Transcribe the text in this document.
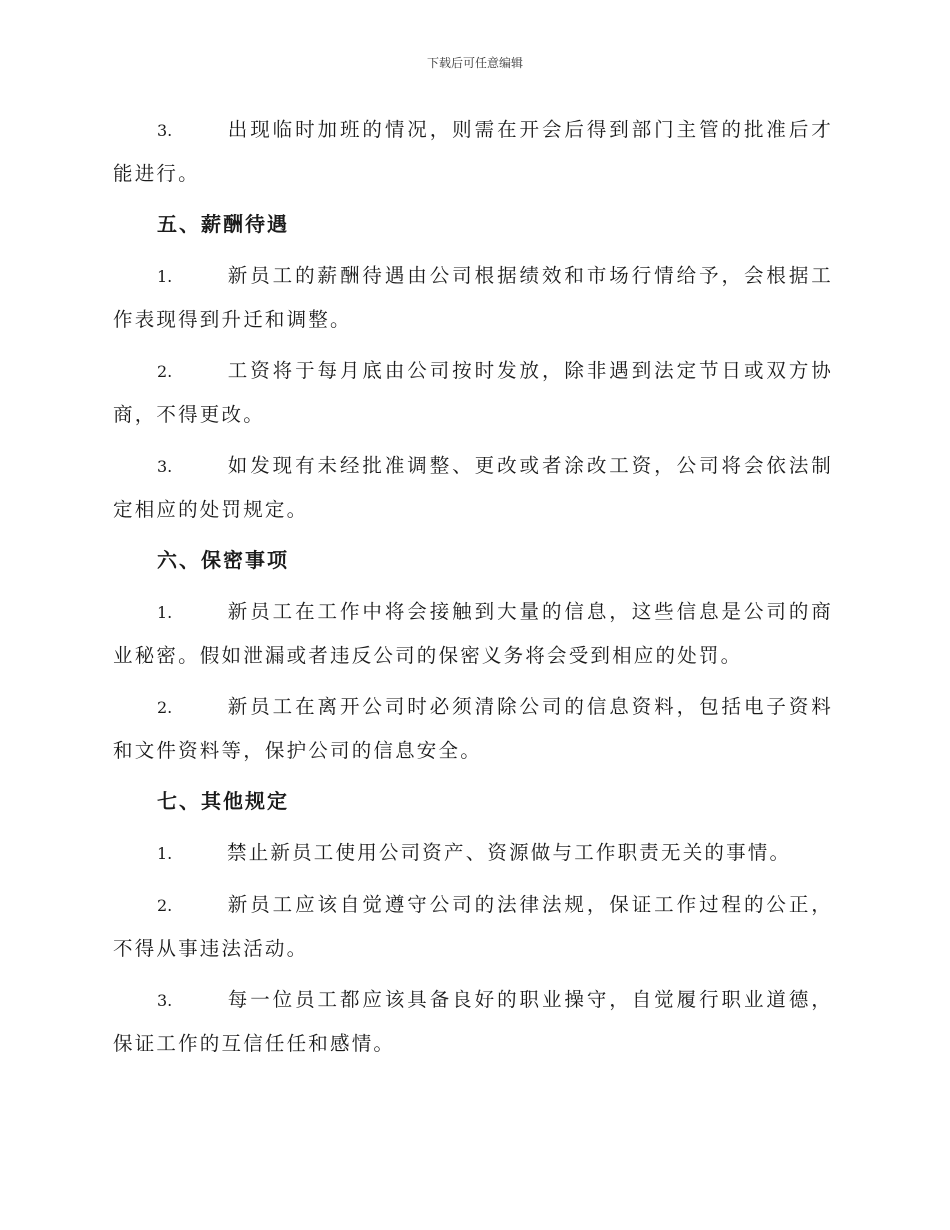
下载后可任意编辑
3.	出现临时加班的情况，则需在开会后得到部门主管的批准后才能进行。
五、薪酬待遇
1.	新员工的薪酬待遇由公司根据绩效和市场行情给予，会根据工作表现得到升迁和调整。
2.	工资将于每月底由公司按时发放，除非遇到法定节日或双方协商，不得更改。
3.	如发现有未经批准调整、更改或者涂改工资，公司将会依法制定相应的处罚规定。
六、保密事项
1.	新员工在工作中将会接触到大量的信息，这些信息是公司的商业秘密。假如泄漏或者违反公司的保密义务将会受到相应的处罚。
2.	新员工在离开公司时必须清除公司的信息资料，包括电子资料和文件资料等，保护公司的信息安全。
七、其他规定
1.	禁止新员工使用公司资产、资源做与工作职责无关的事情。
2.	新员工应该自觉遵守公司的法律法规，保证工作过程的公正，不得从事违法活动。
3.	每一位员工都应该具备良好的职业操守，自觉履行职业道德，保证工作的互信任任和感情。
